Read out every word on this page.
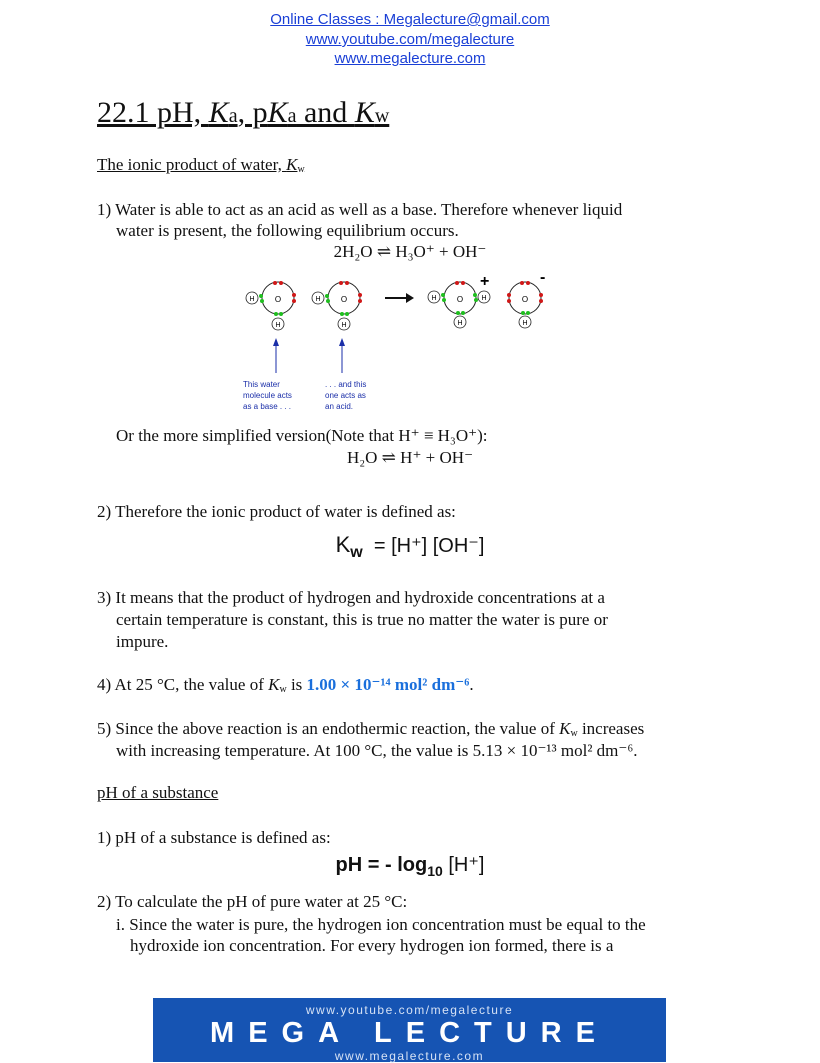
Online Classes : Megalecture@gmail.com
www.youtube.com/megalecture
www.megalecture.com
22.1 pH, Ka, pKa and Kw
The ionic product of water, $K_w$
1) Water is able to act as an acid as well as a base. Therefore whenever liquid
water is present, the following equilibrium occurs.
2H₂O ⇌ H₃O⁺ + OH⁻
O
H
H
O
H
H
O
H	H
H
+
O
H
-
This water
molecule acts
as a base . . .
. . . and this
one acts as
an acid.
Or the more simplified version(Note that H⁺ ≡ H₃O⁺):
H₂O ⇌ H⁺ + OH⁻
2) Therefore the ionic product of water is defined as:
$K_w = [H^+]$ [OH⁻]
3) It means that the product of hydrogen and hydroxide concentrations at a
certain temperature is constant, this is true no matter the water is pure or
impure.
4) At 25 °C, the value of $K_w$ is 1.00 × 10⁻¹⁴ mol² dm⁻⁶.
5) Since the above reaction is an endothermic reaction, the value of $K_w$ increases
with increasing temperature. At 100 °C, the value is 5.13 × 10⁻¹³ mol² dm⁻⁶.
pH of a substance
1) pH of a substance is defined as:
pH = - $\log_{10} [H^+]$
2) To calculate the pH of pure water at 25 °C:
i. Since the water is pure, the hydrogen ion concentration must be equal to the
hydroxide ion concentration. For every hydrogen ion formed, there is a
www.youtube.com/megalecture
MEGA LECTURE
www.megalecture.com
